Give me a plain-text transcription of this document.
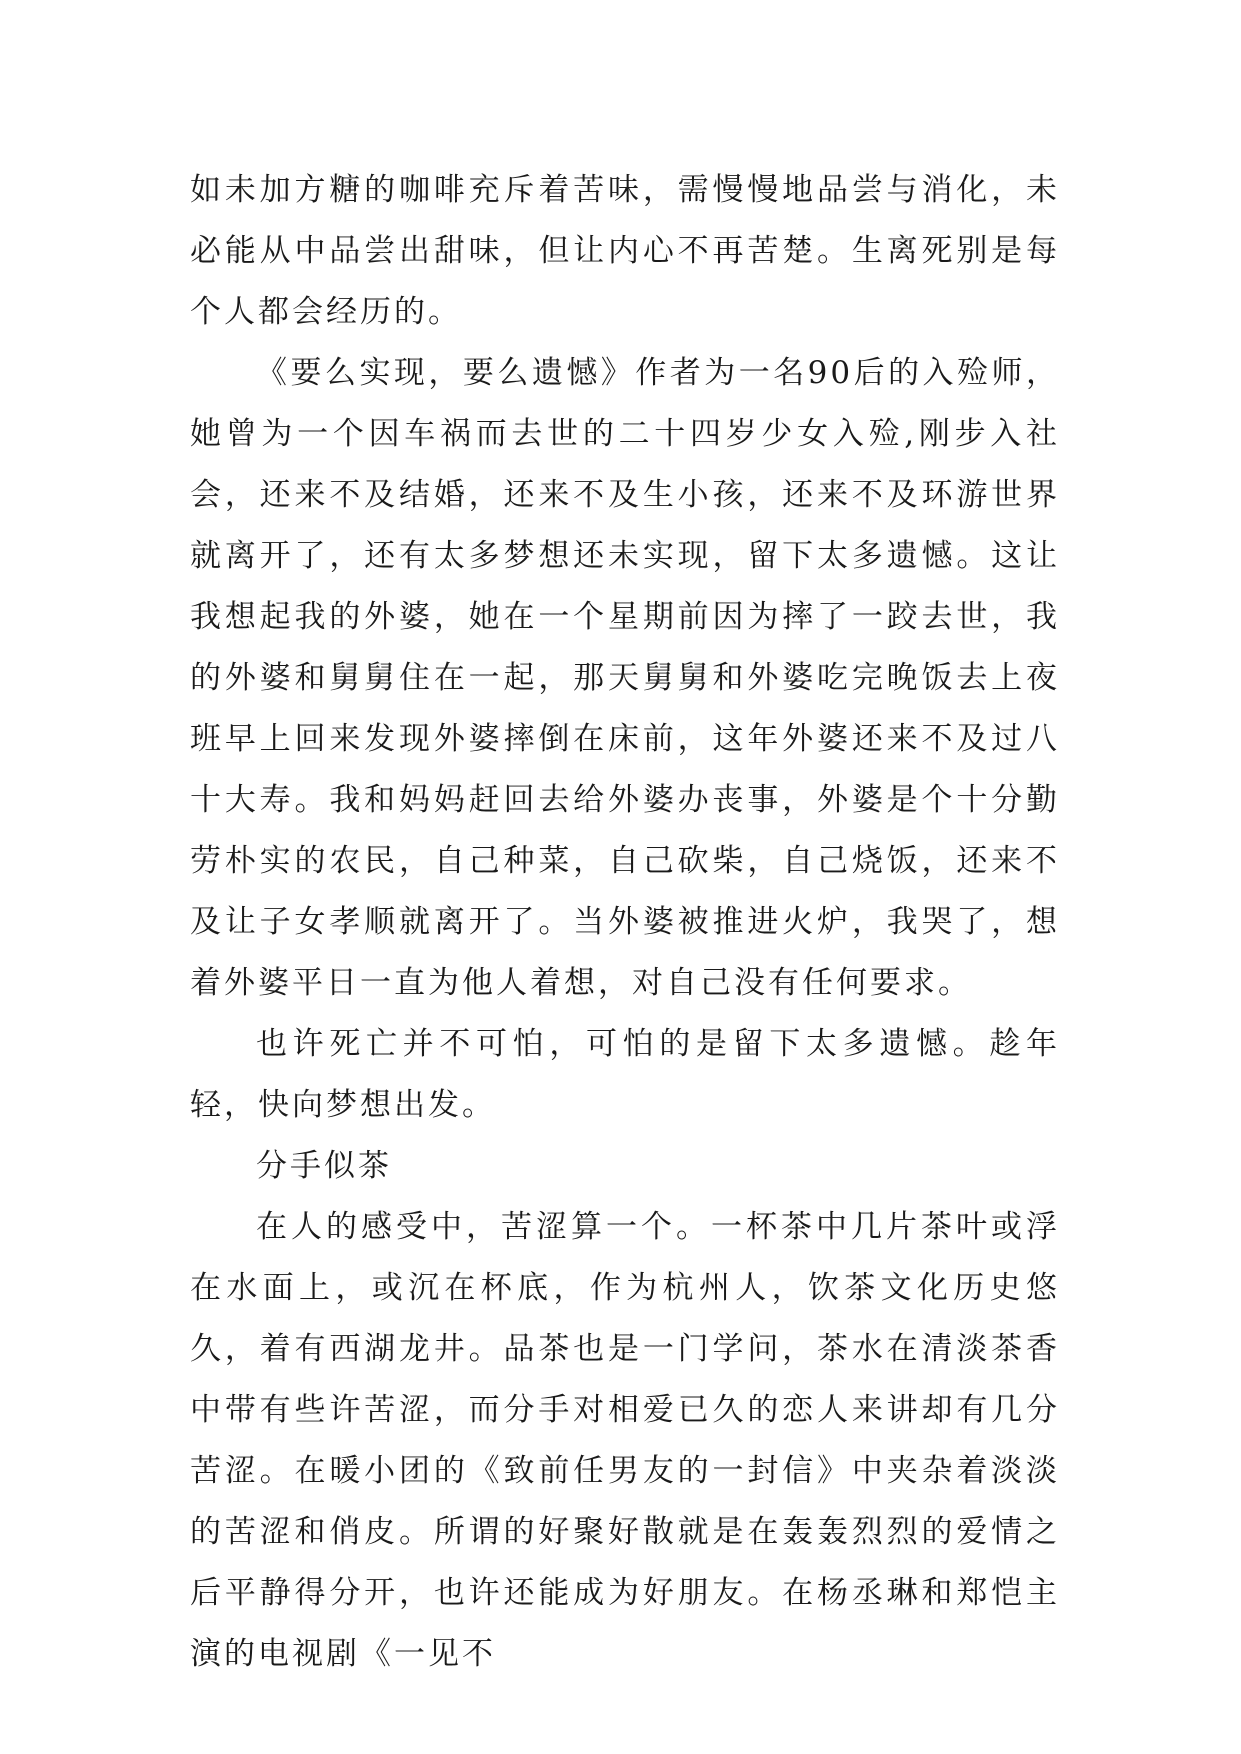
如未加方糖的咖啡充斥着苦味，需慢慢地品尝与消化，未必能从中品尝出甜味，但让内心不再苦楚。生离死别是每个人都会经历的。

《要么实现，要么遗憾》作者为一名90后的入殓师，她曾为一个因车祸而去世的二十四岁少女入殓,刚步入社会，还来不及结婚，还来不及生小孩，还来不及环游世界就离开了，还有太多梦想还未实现，留下太多遗憾。这让我想起我的外婆，她在一个星期前因为摔了一跤去世，我的外婆和舅舅住在一起，那天舅舅和外婆吃完晚饭去上夜班早上回来发现外婆摔倒在床前，这年外婆还来不及过八十大寿。我和妈妈赶回去给外婆办丧事，外婆是个十分勤劳朴实的农民，自己种菜，自己砍柴，自己烧饭，还来不及让子女孝顺就离开了。当外婆被推进火炉，我哭了，想着外婆平日一直为他人着想，对自己没有任何要求。

也许死亡并不可怕，可怕的是留下太多遗憾。趁年轻，快向梦想出发。

分手似茶

在人的感受中，苦涩算一个。一杯茶中几片茶叶或浮在水面上，或沉在杯底，作为杭州人，饮茶文化历史悠久，着有西湖龙井。品茶也是一门学问，茶水在清淡茶香中带有些许苦涩，而分手对相爱已久的恋人来讲却有几分苦涩。在暖小团的《致前任男友的一封信》中夹杂着淡淡的苦涩和俏皮。所谓的好聚好散就是在轰轰烈烈的爱情之后平静得分开，也许还能成为好朋友。在杨丞琳和郑恺主演的电视剧《一见不
